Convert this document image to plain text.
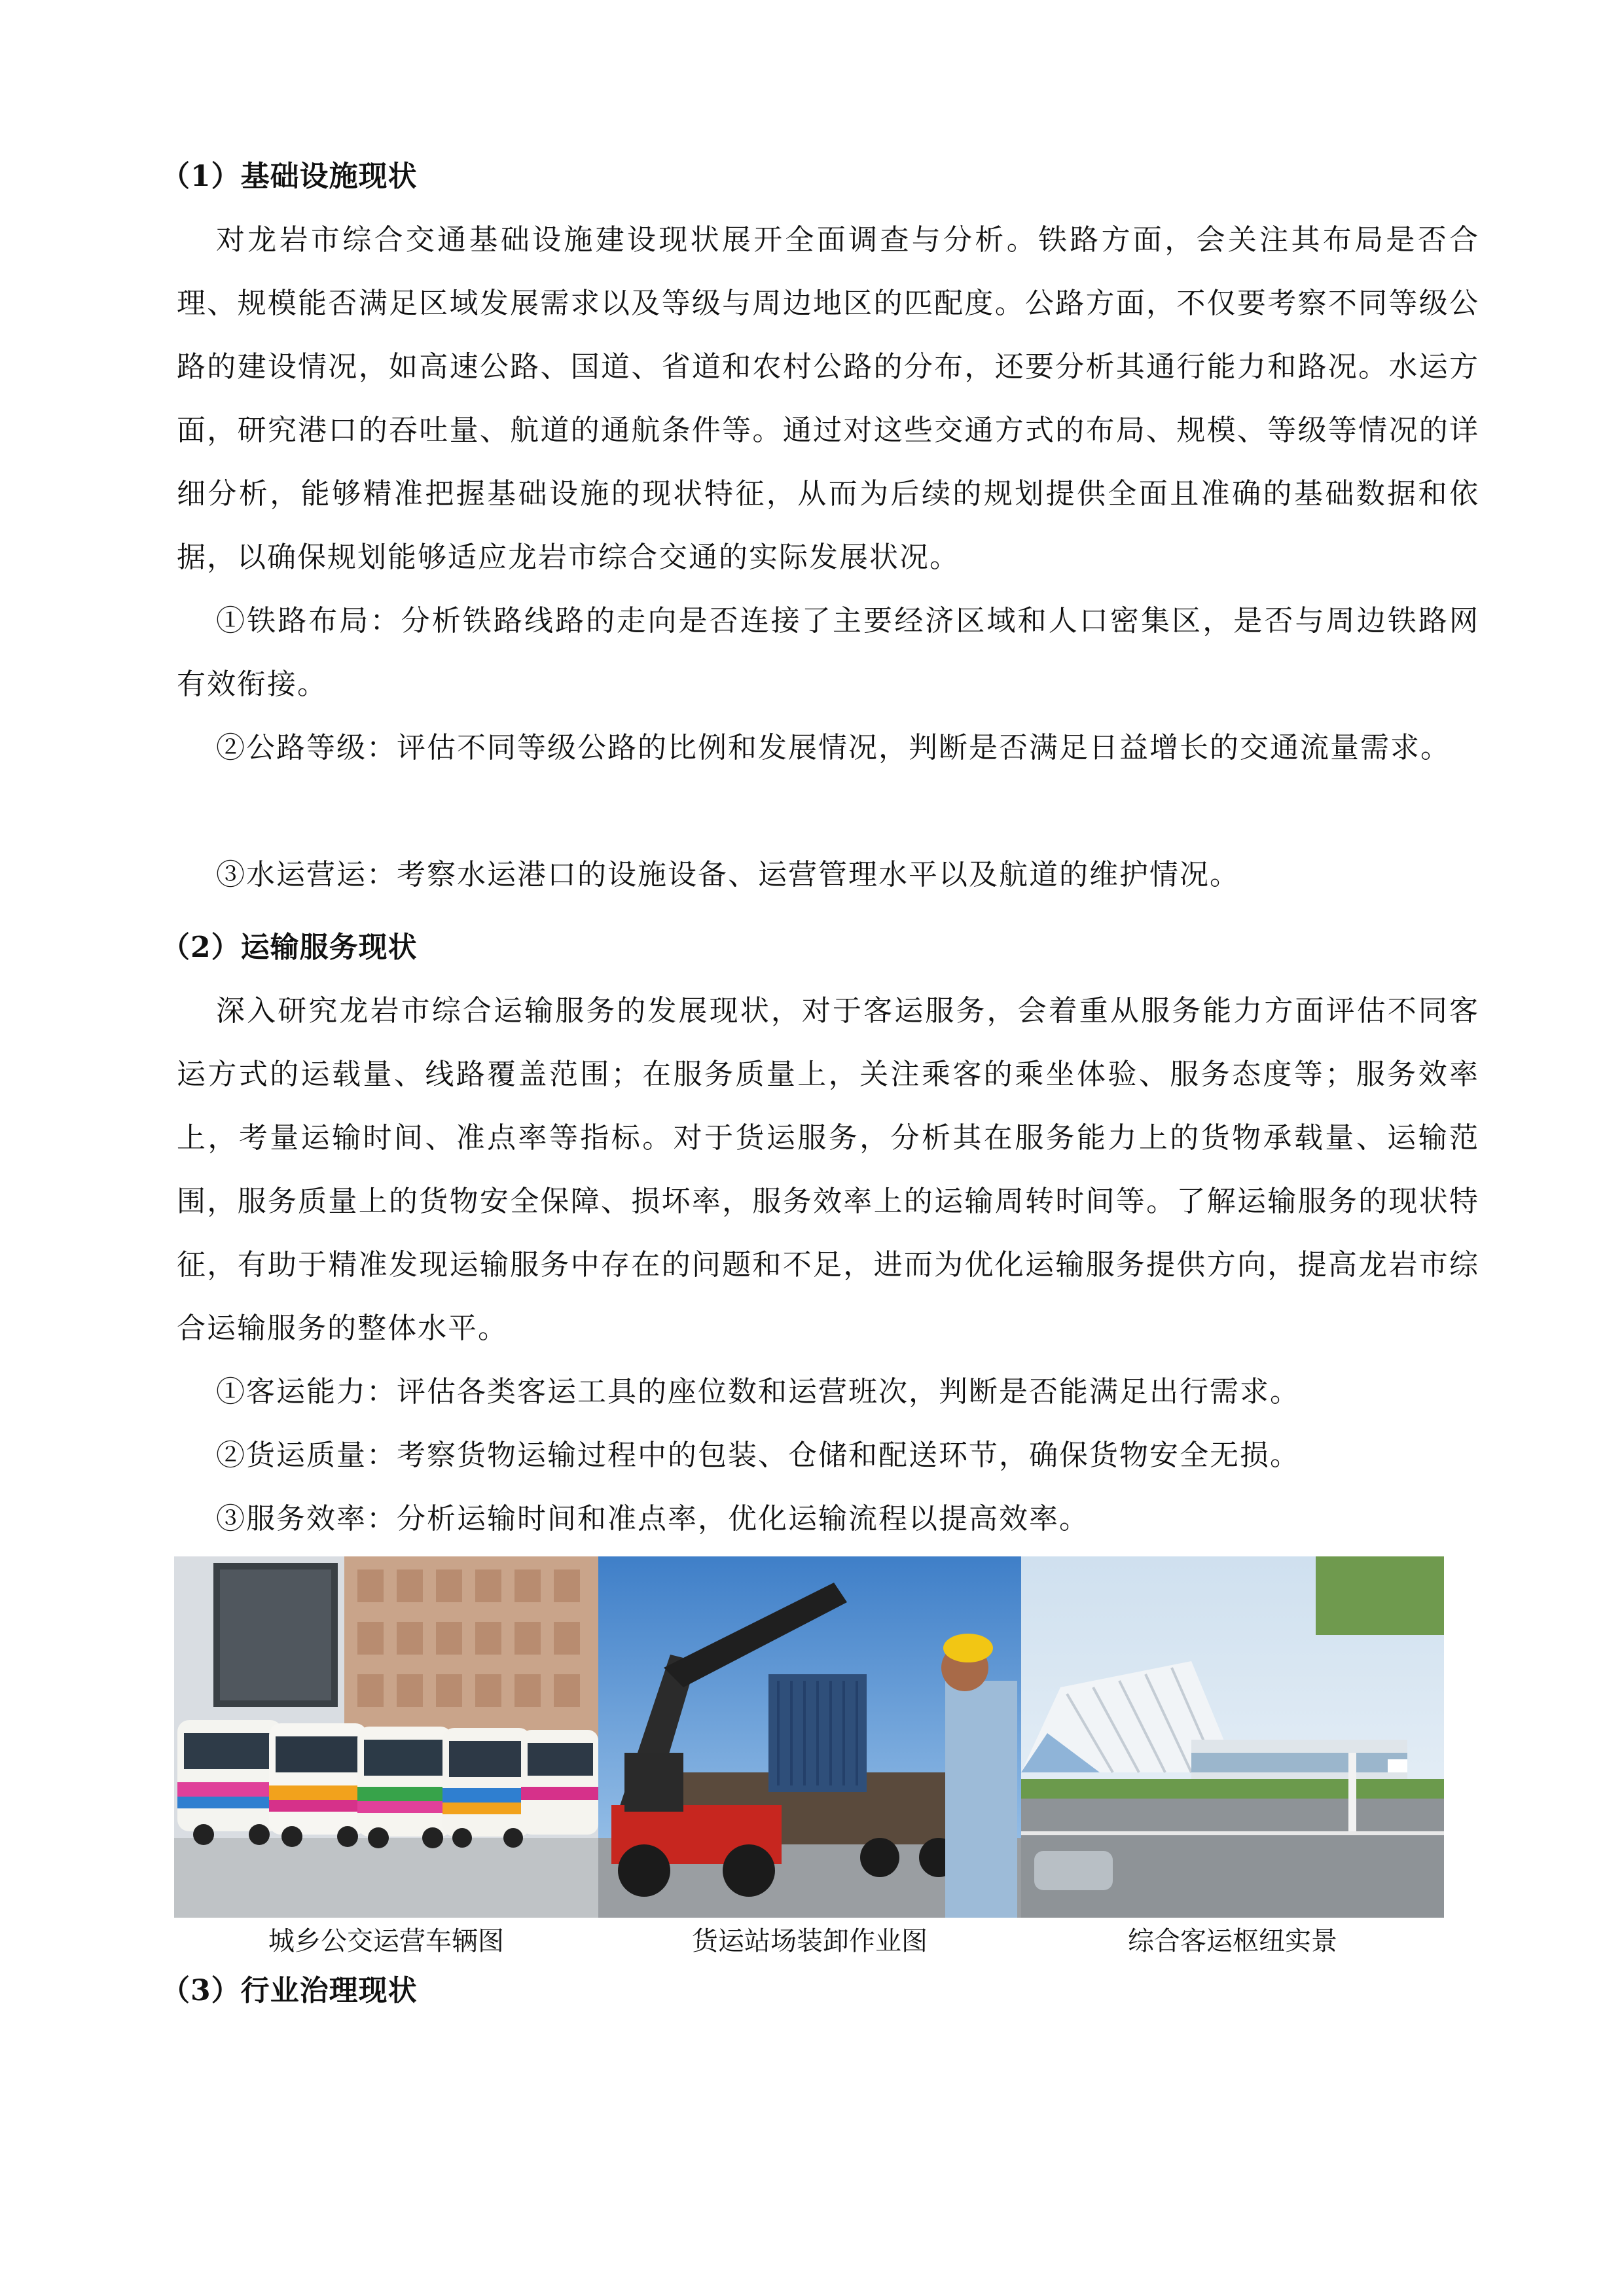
（1）基础设施现状
对龙岩市综合交通基础设施建设现状展开全面调查与分析。铁路方面，会关注其布局是否合理、规模能否满足区域发展需求以及等级与周边地区的匹配度。公路方面，不仅要考察不同等级公路的建设情况，如高速公路、国道、省道和农村公路的分布，还要分析其通行能力和路况。水运方面，研究港口的吞吐量、航道的通航条件等。通过对这些交通方式的布局、规模、等级等情况的详细分析，能够精准把握基础设施的现状特征，从而为后续的规划提供全面且准确的基础数据和依据，以确保规划能够适应龙岩市综合交通的实际发展状况。
①铁路布局：分析铁路线路的走向是否连接了主要经济区域和人口密集区，是否与周边铁路网有效衔接。
②公路等级：评估不同等级公路的比例和发展情况，判断是否满足日益增长的交通流量需求。
③水运营运：考察水运港口的设施设备、运营管理水平以及航道的维护情况。
（2）运输服务现状
深入研究龙岩市综合运输服务的发展现状，对于客运服务，会着重从服务能力方面评估不同客运方式的运载量、线路覆盖范围；在服务质量上，关注乘客的乘坐体验、服务态度等；服务效率上，考量运输时间、准点率等指标。对于货运服务，分析其在服务能力上的货物承载量、运输范围，服务质量上的货物安全保障、损坏率，服务效率上的运输周转时间等。了解运输服务的现状特征，有助于精准发现运输服务中存在的问题和不足，进而为优化运输服务提供方向，提高龙岩市综合运输服务的整体水平。
①客运能力：评估各类客运工具的座位数和运营班次，判断是否能满足出行需求。
②货运质量：考察货物运输过程中的包装、仓储和配送环节，确保货物安全无损。
③服务效率：分析运输时间和准点率，优化运输流程以提高效率。
城乡公交运营车辆图	货运站场装卸作业图	综合客运枢纽实景
（3）行业治理现状
